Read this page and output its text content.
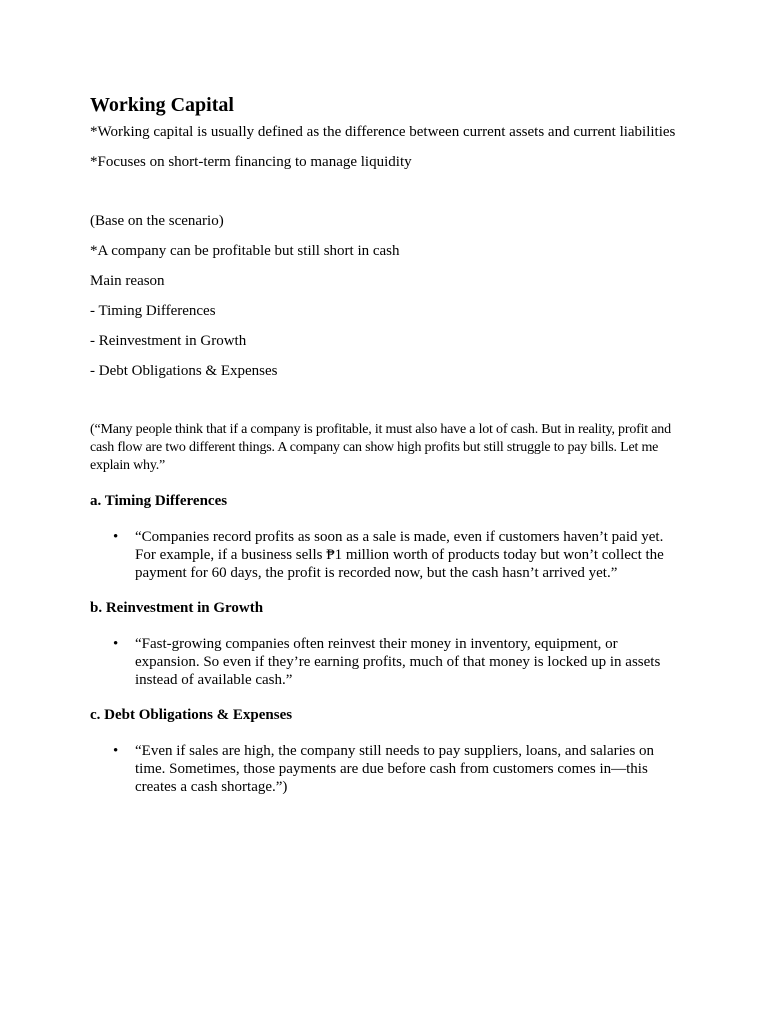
Working Capital

*Working capital is usually defined as the difference between current assets and current liabilities

*Focuses on short-term financing to manage liquidity

(Base on the scenario)

*A company can be profitable but still short in cash

Main reason

- Timing Differences

- Reinvestment in Growth

- Debt Obligations & Expenses

(“Many people think that if a company is profitable, it must also have a lot of cash. But in reality, profit and cash flow are two different things. A company can show high profits but still struggle to pay bills. Let me explain why.”

a. Timing Differences

• “Companies record profits as soon as a sale is made, even if customers haven’t paid yet. For example, if a business sells ₱1 million worth of products today but won’t collect the payment for 60 days, the profit is recorded now, but the cash hasn’t arrived yet.”

b. Reinvestment in Growth

• “Fast-growing companies often reinvest their money in inventory, equipment, or expansion. So even if they’re earning profits, much of that money is locked up in assets instead of available cash.”

c. Debt Obligations & Expenses

• “Even if sales are high, the company still needs to pay suppliers, loans, and salaries on time. Sometimes, those payments are due before cash from customers comes in—this creates a cash shortage.”)
